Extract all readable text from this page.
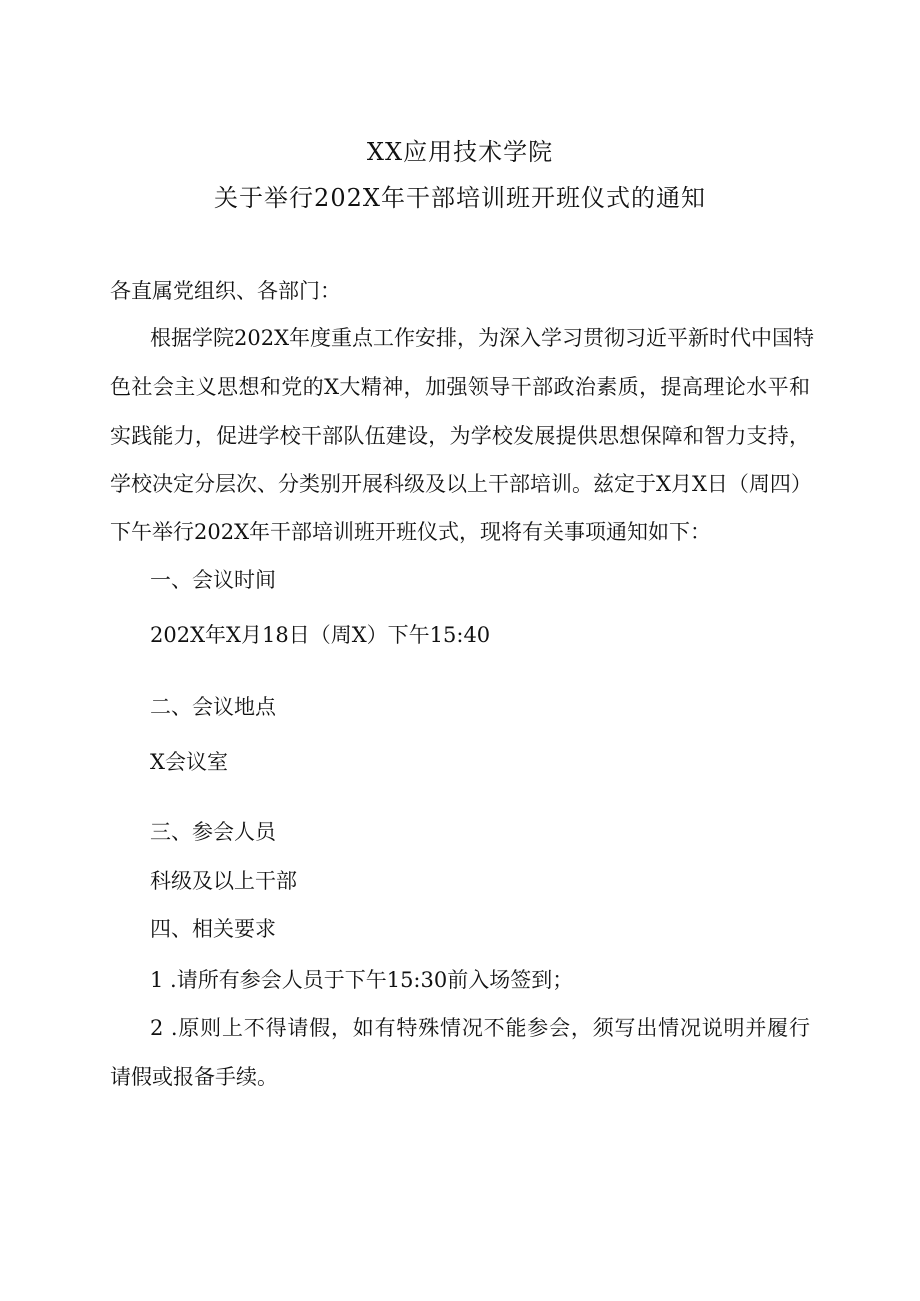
XX应用技术学院
关于举行202X年干部培训班开班仪式的通知
各直属党组织、各部门：
根据学院202X年度重点工作安排，为深入学习贯彻习近平新时代中国特
色社会主义思想和党的X大精神，加强领导干部政治素质，提高理论水平和
实践能力，促进学校干部队伍建设，为学校发展提供思想保障和智力支持，
学校决定分层次、分类别开展科级及以上干部培训。兹定于X月X日（周四）
下午举行202X年干部培训班开班仪式，现将有关事项通知如下：
一、会议时间
202X年X月18日（周X）下午15:40
二、会议地点
X会议室
三、参会人员
科级及以上干部
四、相关要求
1 .请所有参会人员于下午15:30前入场签到；
2 .原则上不得请假，如有特殊情况不能参会，须写出情况说明并履行
请假或报备手续。
